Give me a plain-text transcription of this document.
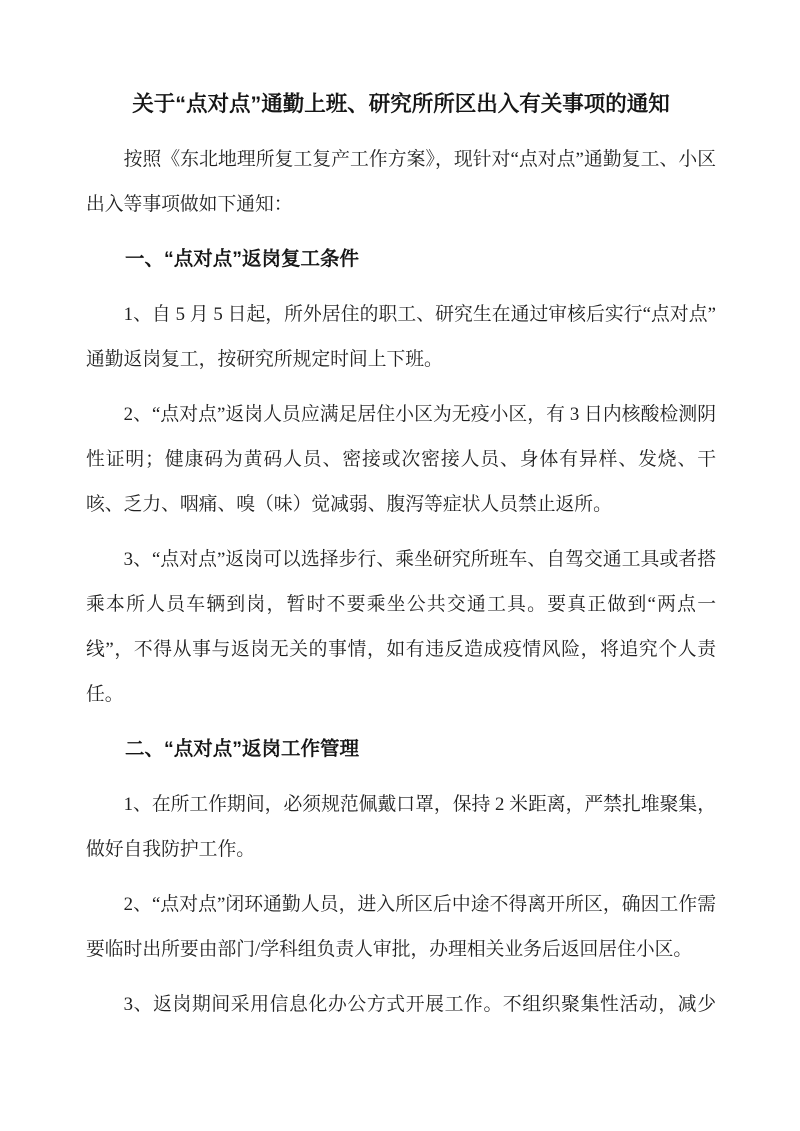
关于“点对点”通勤上班、研究所所区出入有关事项的通知

按照《东北地理所复工复产工作方案》，现针对“点对点”通勤复工、小区出入等事项做如下通知：

一、“点对点”返岗复工条件

1、自 5 月 5 日起，所外居住的职工、研究生在通过审核后实行“点对点”通勤返岗复工，按研究所规定时间上下班。

2、“点对点”返岗人员应满足居住小区为无疫小区，有 3 日内核酸检测阴性证明；健康码为黄码人员、密接或次密接人员、身体有异样、发烧、干咳、乏力、咽痛、嗅（味）觉减弱、腹泻等症状人员禁止返所。

3、“点对点”返岗可以选择步行、乘坐研究所班车、自驾交通工具或者搭乘本所人员车辆到岗，暂时不要乘坐公共交通工具。要真正做到“两点一线”，不得从事与返岗无关的事情，如有违反造成疫情风险，将追究个人责任。

二、“点对点”返岗工作管理

1、在所工作期间，必须规范佩戴口罩，保持 2 米距离，严禁扎堆聚集，做好自我防护工作。

2、“点对点”闭环通勤人员，进入所区后中途不得离开所区，确因工作需要临时出所要由部门/学科组负责人审批，办理相关业务后返回居住小区。

3、返岗期间采用信息化办公方式开展工作。不组织聚集性活动，减少
